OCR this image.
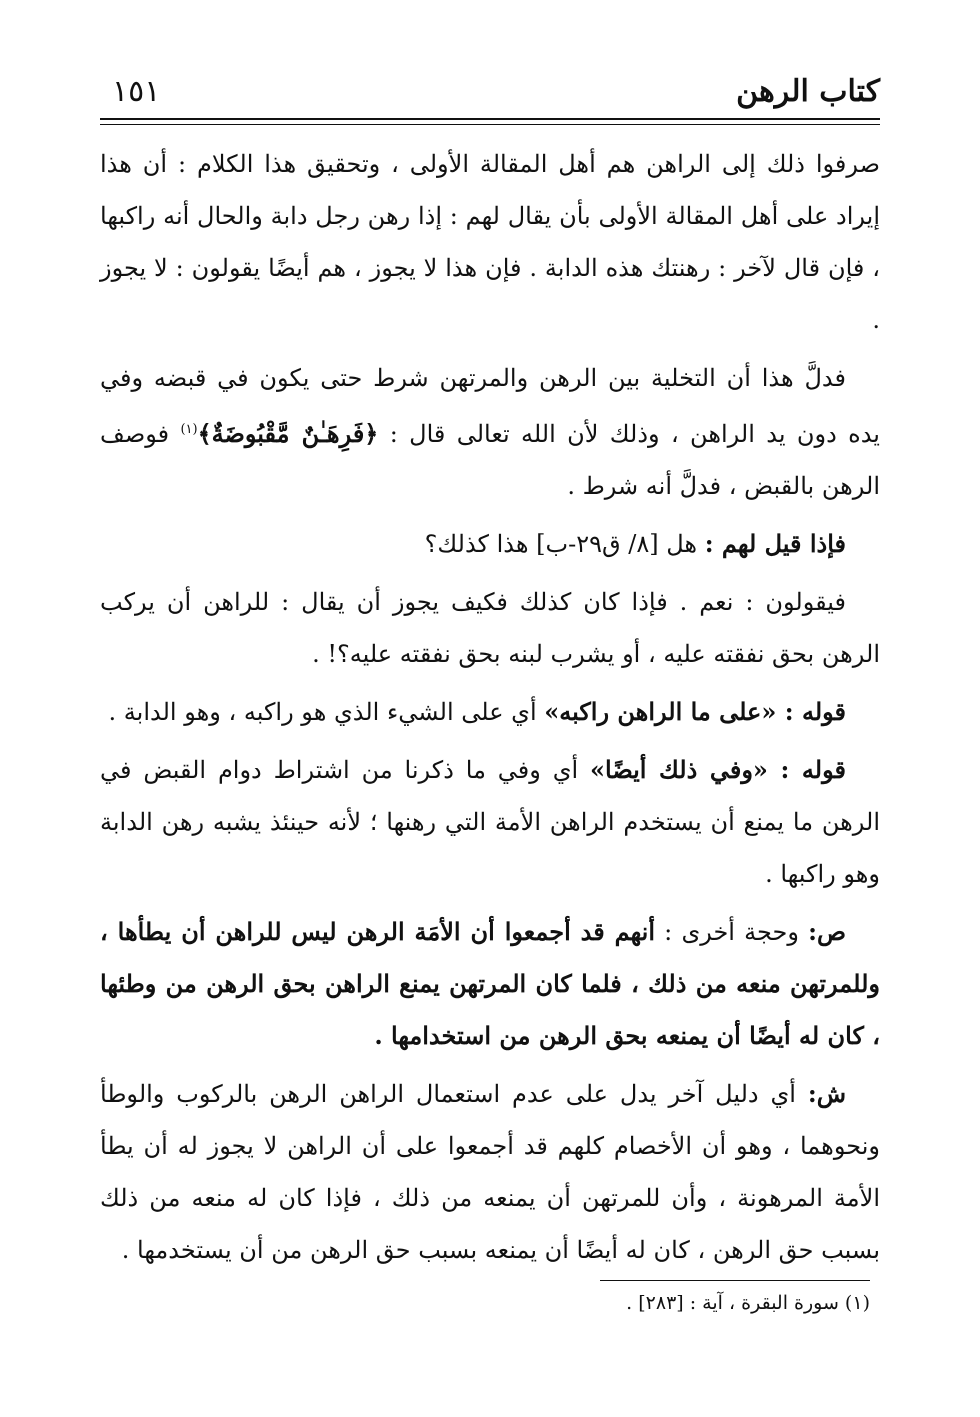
كتاب الرهن
١٥١

صرفوا ذلك إلى الراهن هم أهل المقالة الأولى ، وتحقيق هذا الكلام : أن هذا إيراد على أهل المقالة الأولى بأن يقال لهم : إذا رهن رجل دابة والحال أنه راكبها ، فإن قال لآخر : رهنتك هذه الدابة . فإن هذا لا يجوز ، هم أيضًا يقولون : لا يجوز .

فدلَّ هذا أن التخلية بين الرهن والمرتهن شرط حتى يكون في قبضه وفي يده دون يد الراهن ، وذلك لأن الله تعالى قال : ﴿فَرِهَـٰنٌ مَّقْبُوضَةٌ﴾$^{(١)}$ فوصف الرهن بالقبض ، فدلَّ أنه شرط .

فإذا قيل لهم : هل [٨/ ق٢٩-ب] هذا كذلك؟

فيقولون : نعم . فإذا كان كذلك فكيف يجوز أن يقال : للراهن أن يركب الرهن بحق نفقته عليه ، أو يشرب لبنه بحق نفقته عليه؟! .

قوله : «على ما الراهن راكبه» أي على الشيء الذي هو راكبه ، وهو الدابة .

قوله : «وفي ذلك أيضًا» أي وفي ما ذكرنا من اشتراط دوام القبض في الرهن ما يمنع أن يستخدم الراهن الأمة التي رهنها ؛ لأنه حينئذ يشبه رهن الدابة وهو راكبها .

ص: وحجة أخرى : أنهم قد أجمعوا أن الأمَة الرهن ليس للراهن أن يطأها ، وللمرتهن منعه من ذلك ، فلما كان المرتهن يمنع الراهن بحق الرهن من وطئها ، كان له أيضًا أن يمنعه بحق الرهن من استخدامها .

ش: أي دليل آخر يدل على عدم استعمال الراهن الرهن بالركوب والوطأ ونحوهما ، وهو أن الأخصام كلهم قد أجمعوا على أن الراهن لا يجوز له أن يطأ الأمة المرهونة ، وأن للمرتهن أن يمنعه من ذلك ، فإذا كان له منعه من ذلك بسبب حق الرهن ، كان له أيضًا أن يمنعه بسبب حق الرهن من أن يستخدمها .

(١) سورة البقرة ، آية : [٢٨٣] .
